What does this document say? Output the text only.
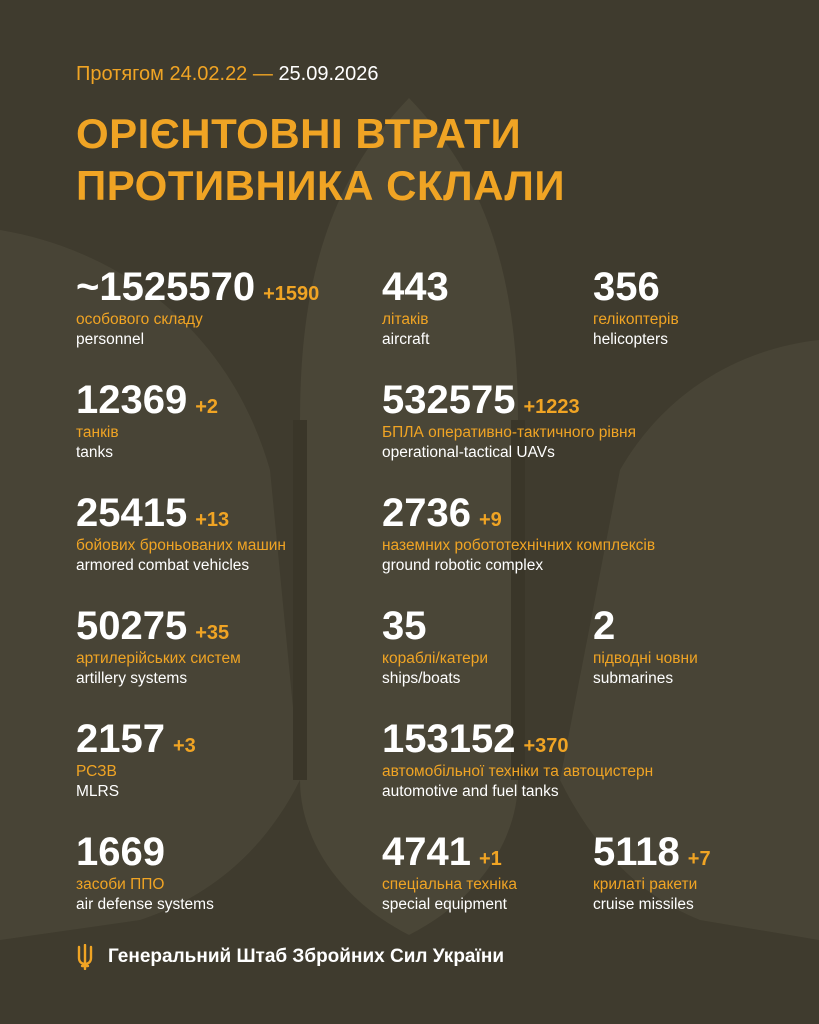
Протягом 24.02.22 — 25.09.2026
ОРІЄНТОВНІ ВТРАТИ
ПРОТИВНИКА СКЛАЛИ
~1525570 +1590
особового складу
personnel
443
літаків
aircraft
356
гелікоптерів
helicopters
12369 +2
танків
tanks
532575 +1223
БПЛА оперативно-тактичного рівня
operational-tactical UAVs
25415 +13
бойових броньованих машин
armored combat vehicles
2736 +9
наземних робототехнічних комплексів
ground robotic complex
50275 +35
артилерійських систем
artillery systems
35
кораблі/катери
ships/boats
2
підводні човни
submarines
2157 +3
РСЗВ
MLRS
153152 +370
автомобільної техніки та автоцистерн
automotive and fuel tanks
1669
засоби ППО
air defense systems
4741 +1
спеціальна техніка
special equipment
5118 +7
крилаті ракети
cruise missiles
Генеральний Штаб Збройних Сил України
